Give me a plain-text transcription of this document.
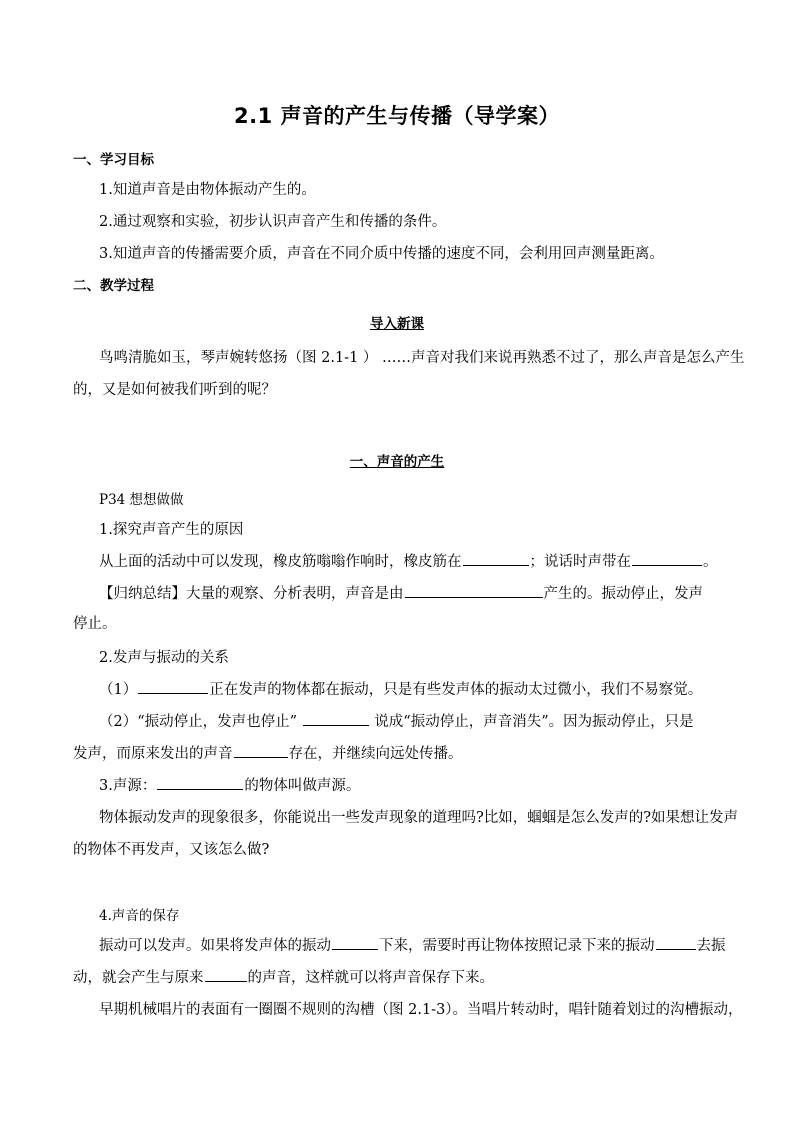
2.1 声音的产生与传播（导学案）
一、学习目标
1.知道声音是由物体振动产生的。
2.通过观察和实验，初步认识声音产生和传播的条件。
3.知道声音的传播需要介质，声音在不同介质中传播的速度不同，会利用回声测量距离。
二、教学过程
导入新课
鸟鸣清脆如玉，琴声婉转悠扬（图 2.1-1 ） ……声音对我们来说再熟悉不过了，那么声音是怎么产生
的，又是如何被我们听到的呢？
一、声音的产生
P34 想想做做
1.探究声音产生的原因
从上面的活动中可以发现，橡皮筋嗡嗡作响时，橡皮筋在	；说话时声带在	。
【归纳总结】大量的观察、分析表明，声音是由	产生的。振动停止，发声
停止。
2.发声与振动的关系
（1）	正在发声的物体都在振动，只是有些发声体的振动太过微小，我们不易察觉。
（2）“振动停止，发声也停止”	说成“振动停止，声音消失”。因为振动停止，只是
发声，而原来发出的声音	存在，并继续向远处传播。
3.声源：	的物体叫做声源。
物体振动发声的现象很多，你能说出一些发声现象的道理吗?比如，蝈蝈是怎么发声的?如果想让发声
的物体不再发声，又该怎么做?
4.声音的保存
振动可以发声。如果将发声体的振动	下来，需要时再让物体按照记录下来的振动	去振
动，就会产生与原来	的声音，这样就可以将声音保存下来。
早期机械唱片的表面有一圈圈不规则的沟槽（图 2.1-3）。当唱片转动时，唱针随着划过的沟槽振动，
